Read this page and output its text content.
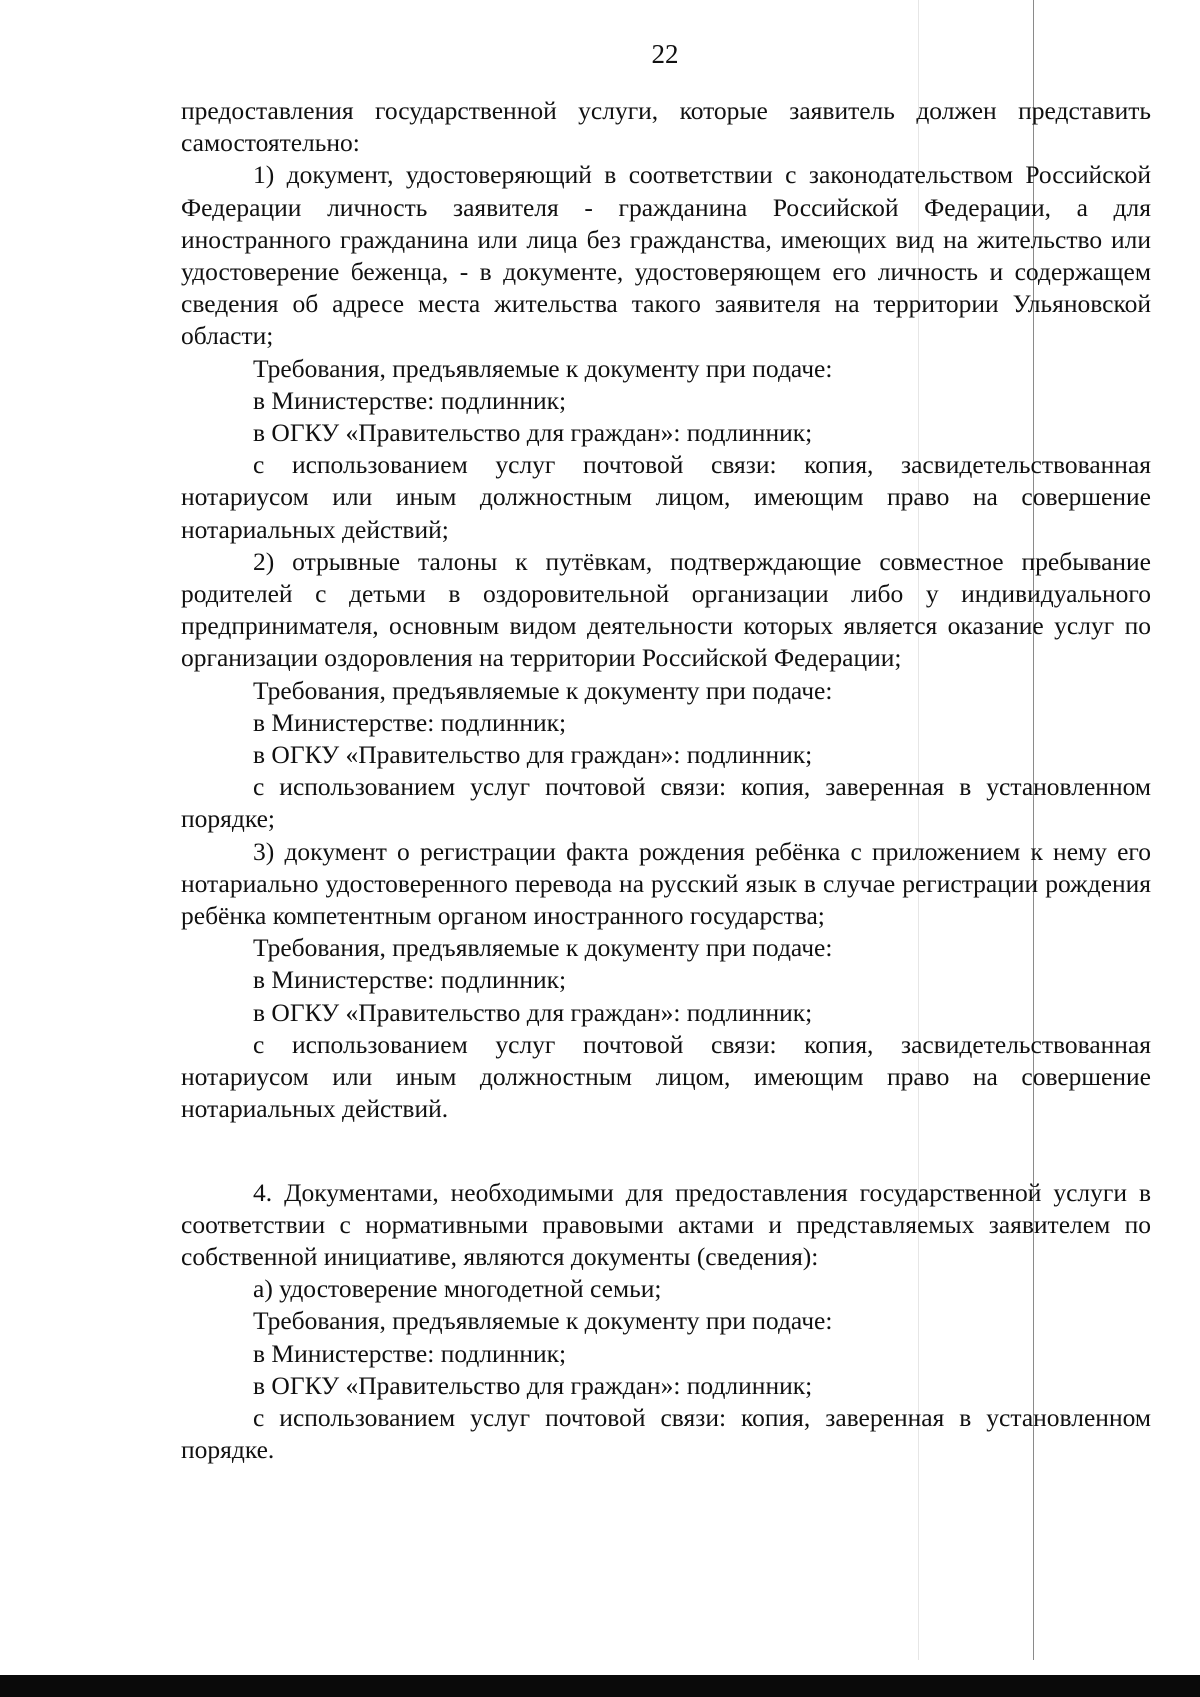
22

предоставления государственной услуги, которые заявитель должен представить самостоятельно:

1) документ, удостоверяющий в соответствии с законодательством Российской Федерации личность заявителя - гражданина Российской Федерации, а для иностранного гражданина или лица без гражданства, имеющих вид на жительство или удостоверение беженца, - в документе, удостоверяющем его личность и содержащем сведения об адресе места жительства такого заявителя на территории Ульяновской области;

Требования, предъявляемые к документу при подаче:

в Министерстве: подлинник;

в ОГКУ «Правительство для граждан»: подлинник;

с использованием услуг почтовой связи: копия, засвидетельствованная нотариусом или иным должностным лицом, имеющим право на совершение нотариальных действий;

2) отрывные талоны к путёвкам, подтверждающие совместное пребывание родителей с детьми в оздоровительной организации либо у индивидуального предпринимателя, основным видом деятельности которых является оказание услуг по организации оздоровления на территории Российской Федерации;

Требования, предъявляемые к документу при подаче:

в Министерстве: подлинник;

в ОГКУ «Правительство для граждан»: подлинник;

с использованием услуг почтовой связи: копия, заверенная в установленном порядке;

3) документ о регистрации факта рождения ребёнка с приложением к нему его нотариально удостоверенного перевода на русский язык в случае регистрации рождения ребёнка компетентным органом иностранного государства;

Требования, предъявляемые к документу при подаче:

в Министерстве: подлинник;

в ОГКУ «Правительство для граждан»: подлинник;

с использованием услуг почтовой связи: копия, засвидетельствованная нотариусом или иным должностным лицом, имеющим право на совершение нотариальных действий.

4. Документами, необходимыми для предоставления государственной услуги в соответствии с нормативными правовыми актами и представляемых заявителем по собственной инициативе, являются документы (сведения):

а) удостоверение многодетной семьи;

Требования, предъявляемые к документу при подаче:

в Министерстве: подлинник;

в ОГКУ «Правительство для граждан»: подлинник;

с использованием услуг почтовой связи: копия, заверенная в установленном порядке.
